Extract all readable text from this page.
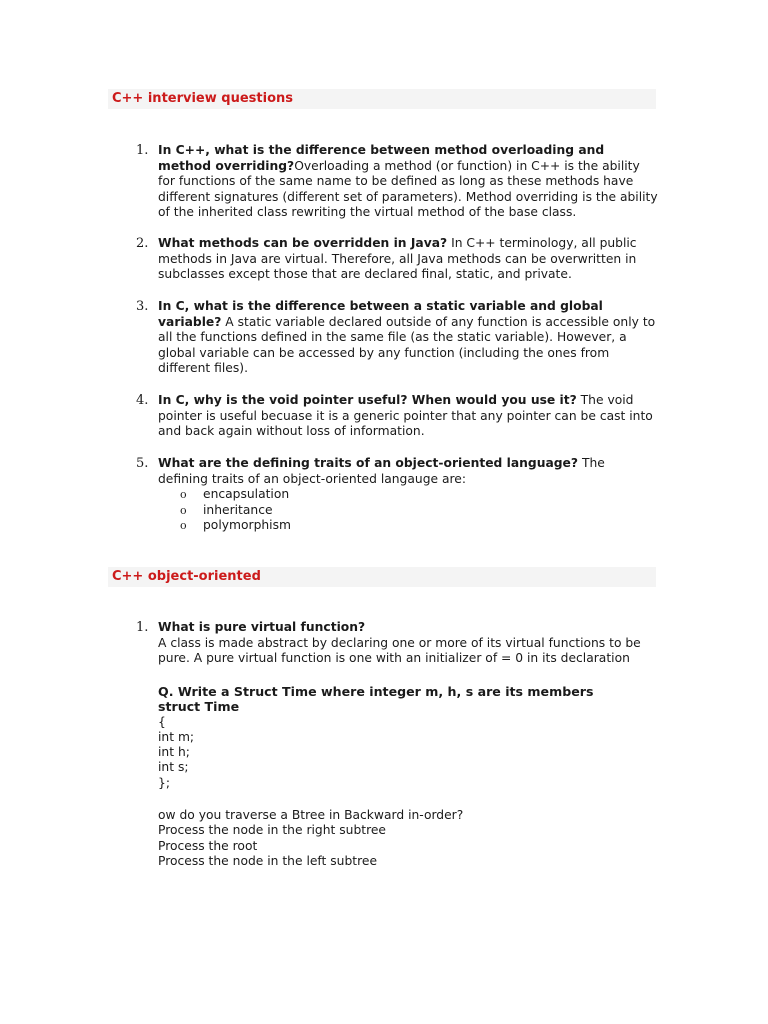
C++ interview questions
1. In C++, what is the difference between method overloading and method overriding?Overloading a method (or function) in C++ is the ability for functions of the same name to be defined as long as these methods have different signatures (different set of parameters). Method overriding is the ability of the inherited class rewriting the virtual method of the base class.
2. What methods can be overridden in Java? In C++ terminology, all public methods in Java are virtual. Therefore, all Java methods can be overwritten in subclasses except those that are declared final, static, and private.
3. In C, what is the difference between a static variable and global variable? A static variable declared outside of any function is accessible only to all the functions defined in the same file (as the static variable). However, a global variable can be accessed by any function (including the ones from different files).
4. In C, why is the void pointer useful? When would you use it? The void pointer is useful becuase it is a generic pointer that any pointer can be cast into and back again without loss of information.
5. What are the defining traits of an object-oriented language? The defining traits of an object-oriented langauge are:
o encapsulation
o inheritance
o polymorphism
C++ object-oriented
1. What is pure virtual function?
A class is made abstract by declaring one or more of its virtual functions to be pure. A pure virtual function is one with an initializer of = 0 in its declaration
Q. Write a Struct Time where integer m, h, s are its members
struct Time
{
int m;
int h;
int s;
};
ow do you traverse a Btree in Backward in-order?
Process the node in the right subtree
Process the root
Process the node in the left subtree
